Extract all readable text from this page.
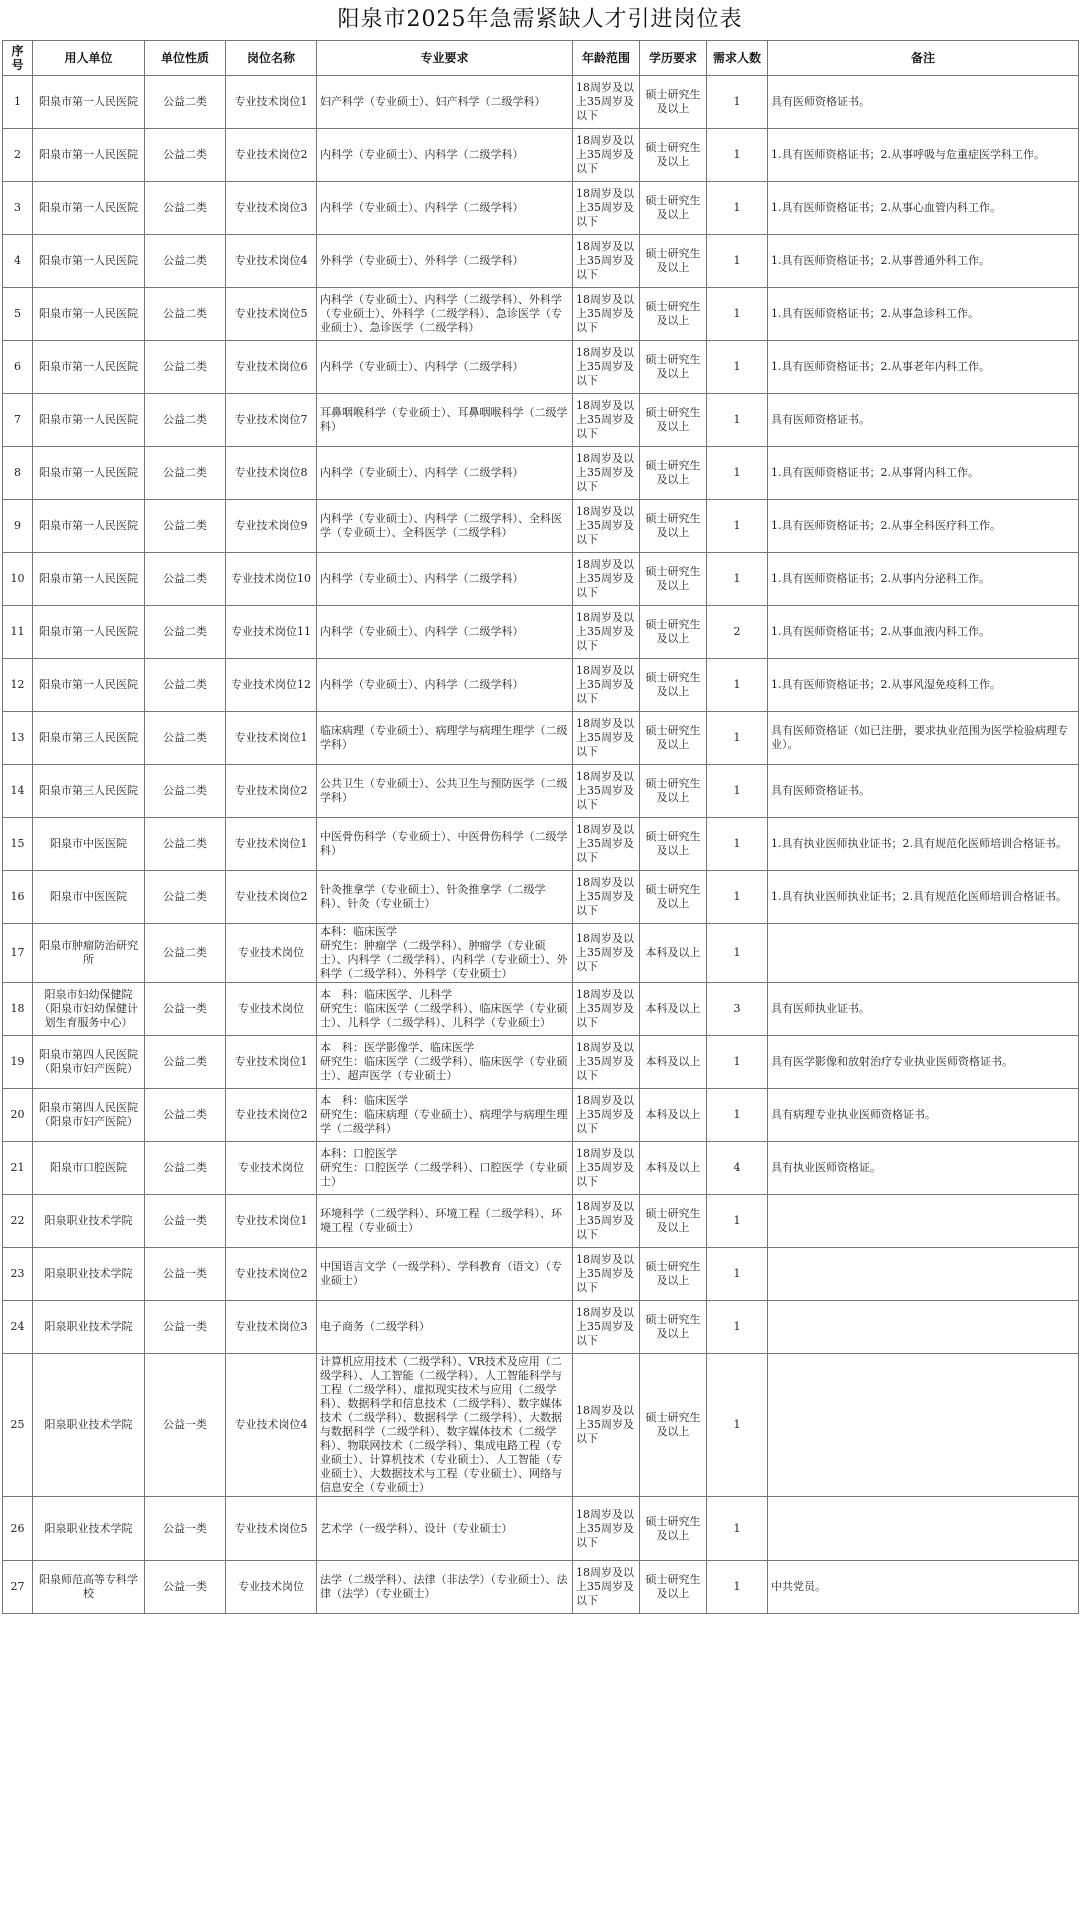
阳泉市2025年急需紧缺人才引进岗位表
序号	用人单位	单位性质	岗位名称	专业要求	年龄范围	学历要求	需求人数	备注
1	阳泉市第一人民医院	公益二类	专业技术岗位1	妇产科学（专业硕士）、妇产科学（二级学科）	18周岁及以上35周岁及以下	硕士研究生及以上	1	具有医师资格证书。
2	阳泉市第一人民医院	公益二类	专业技术岗位2	内科学（专业硕士）、内科学（二级学科）	18周岁及以上35周岁及以下	硕士研究生及以上	1	1.具有医师资格证书；2.从事呼吸与危重症医学科工作。
3	阳泉市第一人民医院	公益二类	专业技术岗位3	内科学（专业硕士）、内科学（二级学科）	18周岁及以上35周岁及以下	硕士研究生及以上	1	1.具有医师资格证书；2.从事心血管内科工作。
4	阳泉市第一人民医院	公益二类	专业技术岗位4	外科学（专业硕士）、外科学（二级学科）	18周岁及以上35周岁及以下	硕士研究生及以上	1	1.具有医师资格证书；2.从事普通外科工作。
5	阳泉市第一人民医院	公益二类	专业技术岗位5	内科学（专业硕士）、内科学（二级学科）、外科学（专业硕士）、外科学（二级学科）、急诊医学（专业硕士）、急诊医学（二级学科）	18周岁及以上35周岁及以下	硕士研究生及以上	1	1.具有医师资格证书；2.从事急诊科工作。
6	阳泉市第一人民医院	公益二类	专业技术岗位6	内科学（专业硕士）、内科学（二级学科）	18周岁及以上35周岁及以下	硕士研究生及以上	1	1.具有医师资格证书；2.从事老年内科工作。
7	阳泉市第一人民医院	公益二类	专业技术岗位7	耳鼻咽喉科学（专业硕士）、耳鼻咽喉科学（二级学科）	18周岁及以上35周岁及以下	硕士研究生及以上	1	具有医师资格证书。
8	阳泉市第一人民医院	公益二类	专业技术岗位8	内科学（专业硕士）、内科学（二级学科）	18周岁及以上35周岁及以下	硕士研究生及以上	1	1.具有医师资格证书；2.从事肾内科工作。
9	阳泉市第一人民医院	公益二类	专业技术岗位9	内科学（专业硕士）、内科学（二级学科）、全科医学（专业硕士）、全科医学（二级学科）	18周岁及以上35周岁及以下	硕士研究生及以上	1	1.具有医师资格证书；2.从事全科医疗科工作。
10	阳泉市第一人民医院	公益二类	专业技术岗位10	内科学（专业硕士）、内科学（二级学科）	18周岁及以上35周岁及以下	硕士研究生及以上	1	1.具有医师资格证书；2.从事内分泌科工作。
11	阳泉市第一人民医院	公益二类	专业技术岗位11	内科学（专业硕士）、内科学（二级学科）	18周岁及以上35周岁及以下	硕士研究生及以上	2	1.具有医师资格证书；2.从事血液内科工作。
12	阳泉市第一人民医院	公益二类	专业技术岗位12	内科学（专业硕士）、内科学（二级学科）	18周岁及以上35周岁及以下	硕士研究生及以上	1	1.具有医师资格证书；2.从事风湿免疫科工作。
13	阳泉市第三人民医院	公益二类	专业技术岗位1	临床病理（专业硕士）、病理学与病理生理学（二级学科）	18周岁及以上35周岁及以下	硕士研究生及以上	1	具有医师资格证（如已注册，要求执业范围为医学检验病理专业）。
14	阳泉市第三人民医院	公益二类	专业技术岗位2	公共卫生（专业硕士）、公共卫生与预防医学（二级学科）	18周岁及以上35周岁及以下	硕士研究生及以上	1	具有医师资格证书。
15	阳泉市中医医院	公益二类	专业技术岗位1	中医骨伤科学（专业硕士）、中医骨伤科学（二级学科）	18周岁及以上35周岁及以下	硕士研究生及以上	1	1.具有执业医师执业证书；2.具有规范化医师培训合格证书。
16	阳泉市中医医院	公益二类	专业技术岗位2	针灸推拿学（专业硕士）、针灸推拿学（二级学科）、针灸（专业硕士）	18周岁及以上35周岁及以下	硕士研究生及以上	1	1.具有执业医师执业证书；2.具有规范化医师培训合格证书。
17	阳泉市肿瘤防治研究所	公益二类	专业技术岗位	本科：临床医学
研究生：肿瘤学（二级学科）、肿瘤学（专业硕士）、内科学（二级学科）、内科学（专业硕士）、外科学（二级学科）、外科学（专业硕士）	18周岁及以上35周岁及以下	本科及以上	1	
18	阳泉市妇幼保健院（阳泉市妇幼保健计划生育服务中心）	公益一类	专业技术岗位	本　科：临床医学、儿科学
研究生：临床医学（二级学科）、临床医学（专业硕士）、儿科学（二级学科）、儿科学（专业硕士）	18周岁及以上35周岁及以下	本科及以上	3	具有医师执业证书。
19	阳泉市第四人民医院（阳泉市妇产医院）	公益二类	专业技术岗位1	本　科：医学影像学、临床医学
研究生：临床医学（二级学科）、临床医学（专业硕士）、超声医学（专业硕士）	18周岁及以上35周岁及以下	本科及以上	1	具有医学影像和放射治疗专业执业医师资格证书。
20	阳泉市第四人民医院（阳泉市妇产医院）	公益二类	专业技术岗位2	本　科：临床医学
研究生：临床病理（专业硕士）、病理学与病理生理学（二级学科）	18周岁及以上35周岁及以下	本科及以上	1	具有病理专业执业医师资格证书。
21	阳泉市口腔医院	公益二类	专业技术岗位	本科：口腔医学
研究生：口腔医学（二级学科）、口腔医学（专业硕士）	18周岁及以上35周岁及以下	本科及以上	4	具有执业医师资格证。
22	阳泉职业技术学院	公益一类	专业技术岗位1	环境科学（二级学科）、环境工程（二级学科）、环境工程（专业硕士）	18周岁及以上35周岁及以下	硕士研究生及以上	1	
23	阳泉职业技术学院	公益一类	专业技术岗位2	中国语言文学（一级学科）、学科教育（语文）（专业硕士）	18周岁及以上35周岁及以下	硕士研究生及以上	1	
24	阳泉职业技术学院	公益一类	专业技术岗位3	电子商务（二级学科）	18周岁及以上35周岁及以下	硕士研究生及以上	1	
25	阳泉职业技术学院	公益一类	专业技术岗位4	计算机应用技术（二级学科）、VR技术及应用（二级学科）、人工智能（二级学科）、人工智能科学与工程（二级学科）、虚拟现实技术与应用（二级学科）、数据科学和信息技术（二级学科）、数字媒体技术（二级学科）、数据科学（二级学科）、大数据与数据科学（二级学科）、数字媒体技术（二级学科）、物联网技术（二级学科）、集成电路工程（专业硕士）、计算机技术（专业硕士）、人工智能（专业硕士）、大数据技术与工程（专业硕士）、网络与信息安全（专业硕士）	18周岁及以上35周岁及以下	硕士研究生及以上	1	
26	阳泉职业技术学院	公益一类	专业技术岗位5	艺术学（一级学科）、设计（专业硕士）	18周岁及以上35周岁及以下	硕士研究生及以上	1	
27	阳泉师范高等专科学校	公益一类	专业技术岗位	法学（二级学科）、法律（非法学）（专业硕士）、法律（法学）（专业硕士）	18周岁及以上35周岁及以下	硕士研究生及以上	1	中共党员。
